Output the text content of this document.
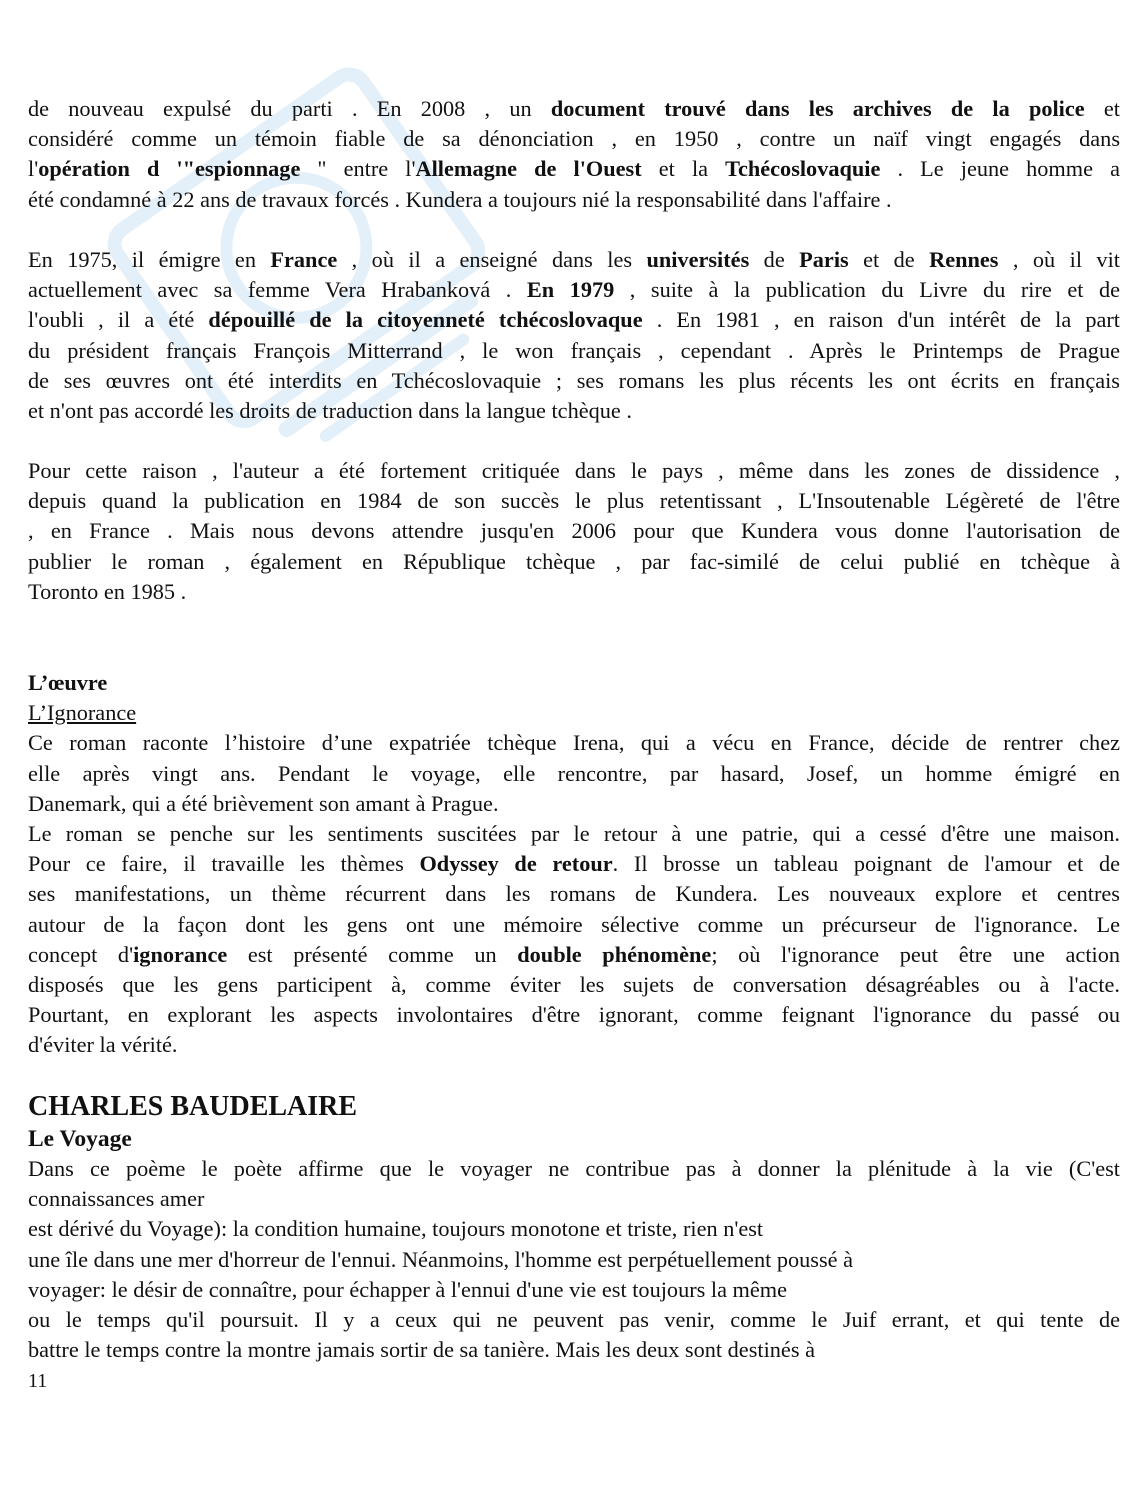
de nouveau expulsé du parti . En 2008 , un document trouvé dans les archives de la police et

considéré comme un témoin fiable de sa dénonciation , en 1950 , contre un naïf vingt engagés dans

l'opération d '"espionnage " entre l'Allemagne de l'Ouest et la Tchécoslovaquie . Le jeune homme a

été condamné à 22 ans de travaux forcés . Kundera a toujours nié la responsabilité dans l'affaire .

En 1975, il émigre en France , où il a enseigné dans les universités de Paris et de Rennes , où il vit

actuellement avec sa femme Vera Hrabanková . En 1979 , suite à la publication du Livre du rire et de

l'oubli , il a été dépouillé de la citoyenneté tchécoslovaque . En 1981 , en raison d'un intérêt de la part

du président français François Mitterrand , le won français , cependant . Après le Printemps de Prague

de ses œuvres ont été interdits en Tchécoslovaquie ; ses romans les plus récents les ont écrits en français

et n'ont pas accordé les droits de traduction dans la langue tchèque .

Pour cette raison , l'auteur a été fortement critiquée dans le pays , même dans les zones de dissidence ,

depuis quand la publication en 1984 de son succès le plus retentissant , L'Insoutenable Légèreté de l'être

, en France . Mais nous devons attendre jusqu'en 2006 pour que Kundera vous donne l'autorisation de

publier le roman , également en République tchèque , par fac-similé de celui publié en tchèque à

Toronto en 1985 .

L’œuvre

L’Ignorance

Ce roman raconte l’histoire d’une expatriée tchèque Irena, qui a vécu en France, décide de rentrer chez

elle après vingt ans. Pendant le voyage, elle rencontre, par hasard, Josef, un homme émigré en

Danemark, qui a été brièvement son amant à Prague.

Le roman se penche sur les sentiments suscitées par le retour à une patrie, qui a cessé d'être une maison.

Pour ce faire, il travaille les thèmes Odyssey de retour. Il brosse un tableau poignant de l'amour et de

ses manifestations, un thème récurrent dans les romans de Kundera. Les nouveaux explore et centres

autour de la façon dont les gens ont une mémoire sélective comme un précurseur de l'ignorance. Le

concept d'ignorance est présenté comme un double phénomène; où l'ignorance peut être une action

disposés que les gens participent à, comme éviter les sujets de conversation désagréables ou à l'acte.

Pourtant, en explorant les aspects involontaires d'être ignorant, comme feignant l'ignorance du passé ou

d'éviter la vérité.

CHARLES BAUDELAIRE

Le Voyage

Dans ce poème le poète affirme que le voyager ne contribue pas à donner la plénitude à la vie (C'est

connaissances amer

est dérivé du Voyage): la condition humaine, toujours monotone et triste, rien n'est

une île dans une mer d'horreur de l'ennui. Néanmoins, l'homme est perpétuellement poussé à

voyager: le désir de connaître, pour échapper à l'ennui d'une vie est toujours la même

ou le temps qu'il poursuit. Il y a ceux qui ne peuvent pas venir, comme le Juif errant, et qui tente de

battre le temps contre la montre jamais sortir de sa tanière. Mais les deux sont destinés à

11
